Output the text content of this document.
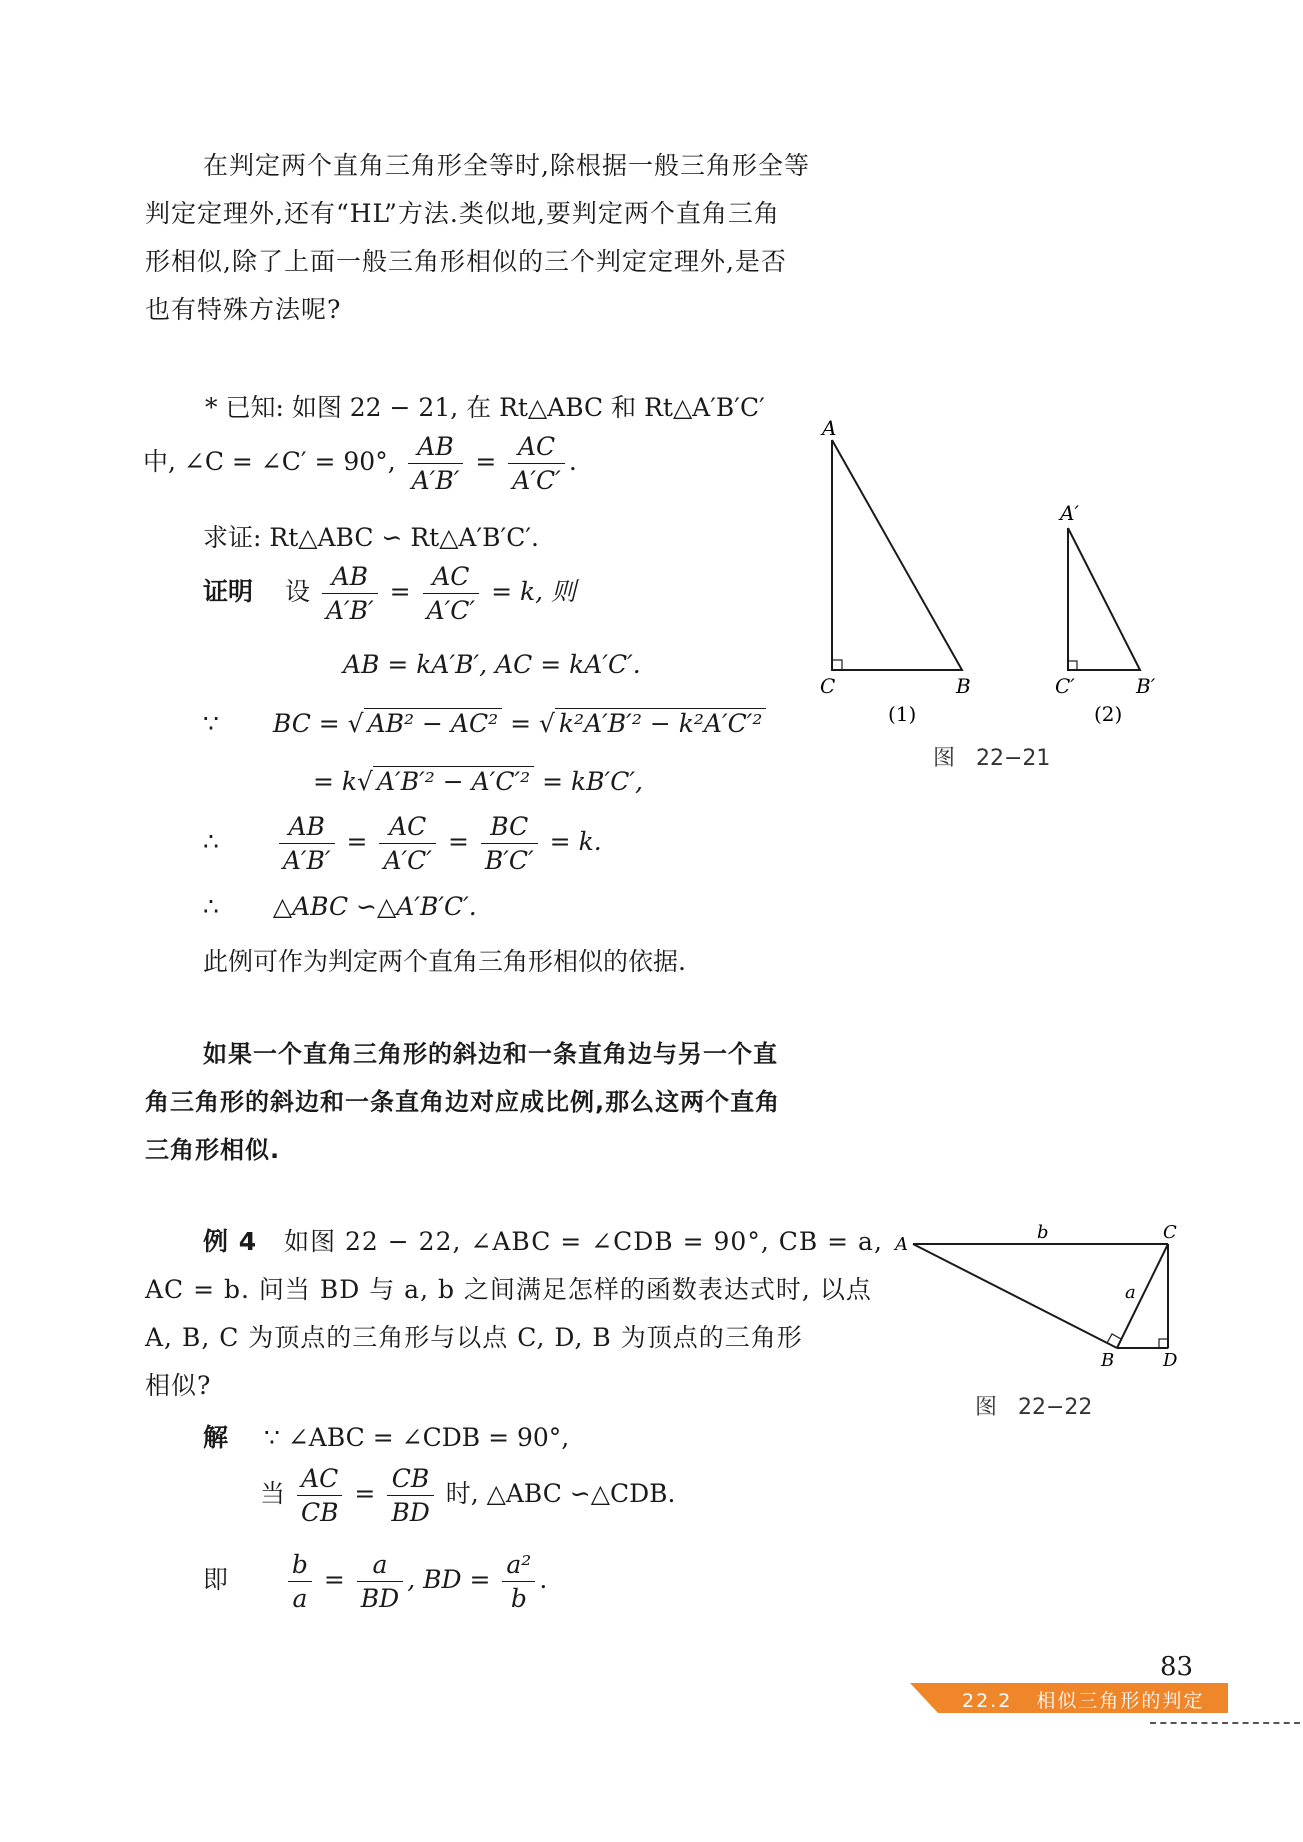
在判定两个直角三角形全等时,除根据一般三角形全等
判定定理外,还有“HL”方法.类似地,要判定两个直角三角
形相似,除了上面一般三角形相似的三个判定定理外,是否
也有特殊方法呢?
* 已知: 如图 22 − 21, 在 Rt△ABC 和 Rt△A′B′C′
中, ∠C = ∠C′ = 90°, $\frac{AB}{A'B'} = \frac{AC}{A'C'}$ .
求证: Rt△ABC ∽ Rt△A′B′C′.
证明 设 $\frac{AB}{A'B'} = \frac{AC}{A'C'} = k$, 则
AB = kA′B′, AC = kA′C′.
∵ BC = √ AB² − AC² = √ k²A′B′² − k²A′C′²
= k√ A′B′² − A′C′² = kB′C′,
∴ $\frac{AB}{A'B'} = \frac{AC}{A'C'} = \frac{BC}{B'C'} = k$.
∴ △ABC ∽△A′B′C′.
此例可作为判定两个直角三角形相似的依据.
如果一个直角三角形的斜边和一条直角边与另一个直
角三角形的斜边和一条直角边对应成比例,那么这两个直角
三角形相似.
例 4 如图 22 − 22, ∠ABC = ∠CDB = 90°, CB = a,
AC = b. 问当 BD 与 a, b 之间满足怎样的函数表达式时, 以点
A, B, C 为顶点的三角形与以点 C, D, B 为顶点的三角形
相似?
解 ∵ ∠ABC = ∠CDB = 90°,
当 $\frac{AC}{CB} = \frac{CB}{BD}$ 时, △ABC ∽△CDB.
即 $\frac{b}{a} = \frac{a}{BD}$ , BD = $\frac{\text{a²}}{b}$ .
A
C	B
A′
C′	B′
(1)	(2)
图   22−21
A
b	C
a
B	D
图   22−22
83
22.2   相似三角形的判定
